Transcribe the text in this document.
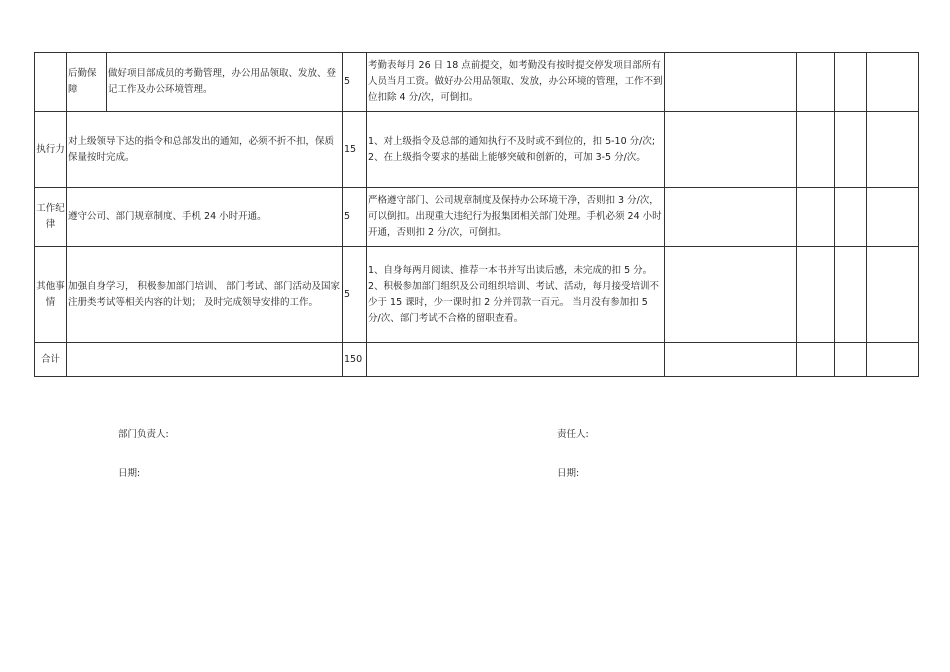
	后勤保障	做好项目部成员的考勤管理，办公用品领取、发放、登记工作及办公环境管理。	5	考勤表每月 26 日 18 点前提交，如考勤没有按时提交停发项目部所有人员当月工资。做好办公用品领取、发放，办公环境的管理，工作不到位扣除 4 分/次，可倒扣。				
执行力	对上级领导下达的指令和总部发出的通知，必须不折不扣，保质保量按时完成。		15	1、对上级指令及总部的通知执行不及时或不到位的，扣 5-10 分/次;
2、在上级指令要求的基础上能够突破和创新的，可加 3-5 分/次。				
工作纪律	遵守公司、部门规章制度、手机 24 小时开通。		5	严格遵守部门、公司规章制度及保持办公环境干净，否则扣 3 分/次，可以倒扣。出现重大违纪行为报集团相关部门处理。手机必须 24 小时开通，否则扣 2 分/次，可倒扣。				
其他事情	加强自身学习， 积极参加部门培训、 部门考试、部门活动及国家注册类考试等相关内容的计划； 及时完成领导安排的工作。		5	1、自身每两月阅读、推荐一本书并写出读后感，未完成的扣 5 分。
2、积极参加部门组织及公司组织培训、考试、活动，每月接受培训不少于 15 课时，少一课时扣 2 分并罚款一百元。 当月没有参加扣 5 分/次、部门考试不合格的留职查看。				
合计			150					
部门负责人:	责任人:
日期:	日期:
